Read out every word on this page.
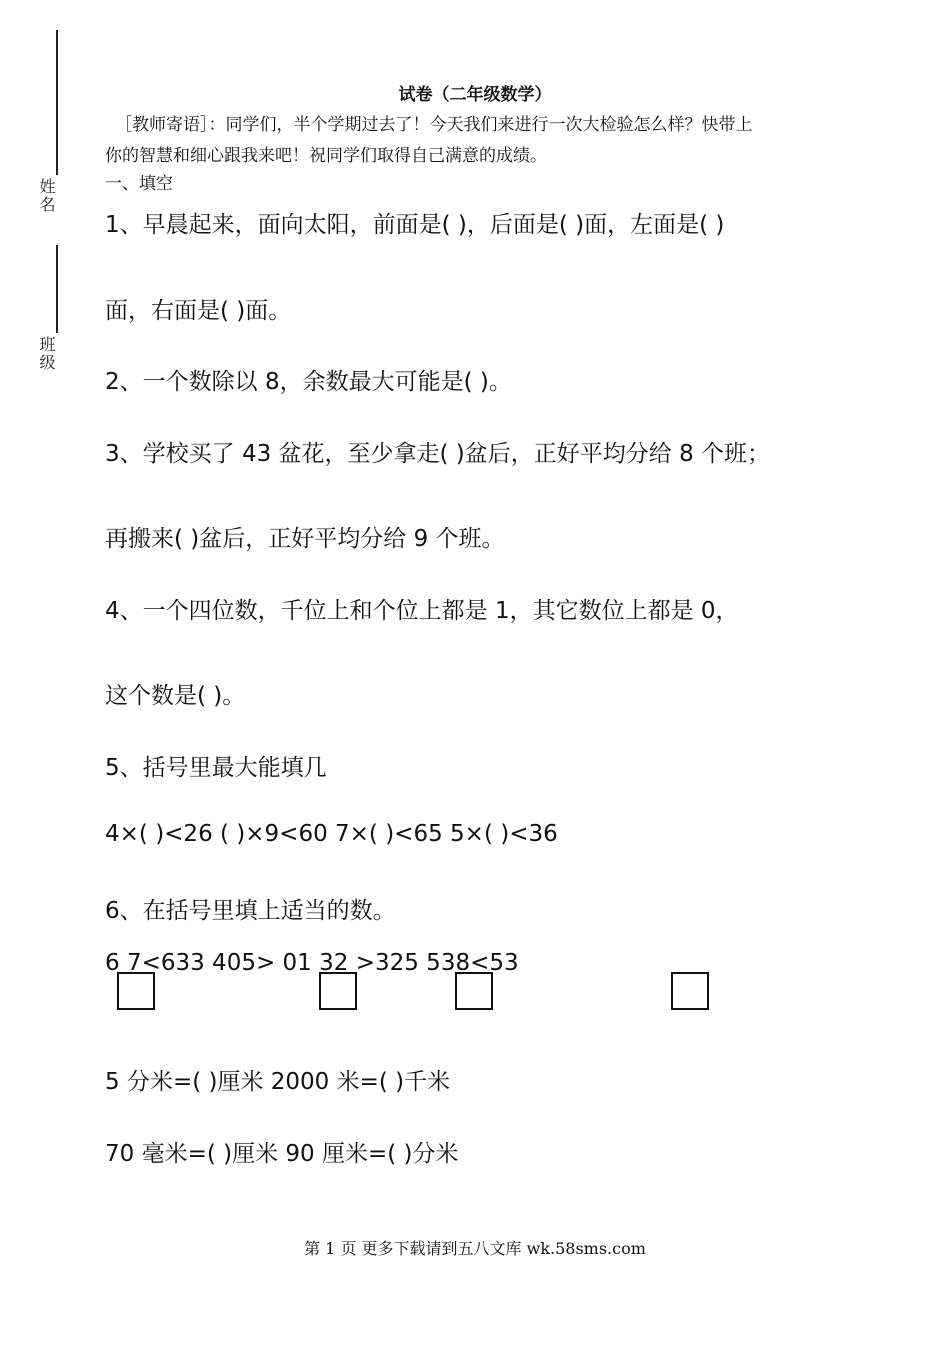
姓名
班级
试卷（二年级数学）
［教师寄语］：同学们，半个学期过去了！今天我们来进行一次大检验怎么样？快带上
你的智慧和细心跟我来吧！祝同学们取得自己满意的成绩。
一、填空
1、早晨起来，面向太阳，前面是( )，后面是( )面，左面是( )
面，右面是( )面。
2、一个数除以 8，余数最大可能是( )。
3、学校买了 43 盆花，至少拿走( )盆后，正好平均分给 8 个班；
再搬来( )盆后，正好平均分给 9 个班。
4、一个四位数，千位上和个位上都是 1，其它数位上都是 0，
这个数是( )。
5、括号里最大能填几
4×( )<26 ( )×9<60 7×( )<65 5×( )<36
6、在括号里填上适当的数。
6 7<633 405> 01 32 >325 538<53
5 分米=( )厘米 2000 米=( )千米
70 毫米=( )厘米 90 厘米=( )分米
第 1 页 更多下载请到五八文库 wk.58sms.com
